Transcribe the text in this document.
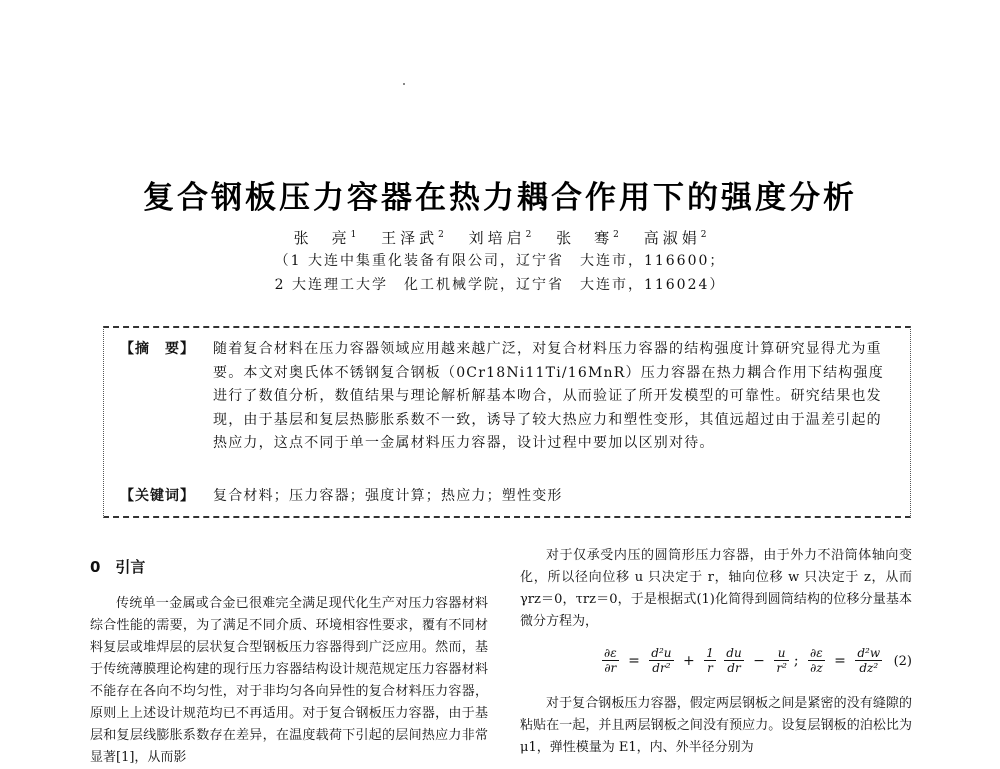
复合钢板压力容器在热力耦合作用下的强度分析
张　亮$^1$ 王泽武$^2$ 刘培启$^2$ 张　骞$^2$ 高淑娟$^2$
（1 大连中集重化装备有限公司，辽宁省　大连市，116600；
2 大连理工大学　化工机械学院，辽宁省　大连市，116024）
【摘　要】 随着复合材料在压力容器领域应用越来越广泛，对复合材料压力容器的结构强度计算研究显得尤为重要。本文对奥氏体不锈钢复合钢板（0Cr18Ni11Ti/16MnR）压力容器在热力耦合作用下结构强度进行了数值分析，数值结果与理论解析解基本吻合，从而验证了所开发模型的可靠性。研究结果也发现，由于基层和复层热膨胀系数不一致，诱导了较大热应力和塑性变形，其值远超过由于温差引起的热应力，这点不同于单一金属材料压力容器，设计过程中要加以区别对待。
【关键词】 复合材料；压力容器；强度计算；热应力；塑性变形
0　引言

传统单一金属或合金已很难完全满足现代化生产对压力容器材料综合性能的需要，为了满足不同介质、环境相容性要求，覆有不同材料复层或堆焊层的层状复合型钢板压力容器得到广泛应用。然而，基于传统薄膜理论构建的现行压力容器结构设计规范规定压力容器材料不能存在各向不均匀性，对于非均匀各向异性的复合材料压力容器，原则上上述设计规范均已不再适用。对于复合钢板压力容器，由于基层和复层线膨胀系数存在差异，在温度载荷下引起的层间热应力非常显著[1]，从而影

对于仅承受内压的圆筒形压力容器，由于外力不沿筒体轴向变化，所以径向位移 u 只决定于 r，轴向位移 w 只决定于 z，从而 γrz＝0，τrz＝0，于是根据式(1)化简得到圆筒结构的位移分量基本微分方程为，

$\frac{\partial\varepsilon}{\partial r} = \frac{\text{d²u}}{\text{dr²}} + \frac{1}{r}$
$\frac{du}{dr} - \frac{u}{\text{r²}}$ ; $\frac{\partial\varepsilon}{\partial z} = \frac{\text{d²w}}{\text{dz²}} (2)$

对于复合钢板压力容器，假定两层钢板之间是紧密的没有缝隙的粘贴在一起，并且两层钢板之间没有预应力。设复层钢板的泊松比为 μ1，弹性模量为 E1，内、外半径分别为
